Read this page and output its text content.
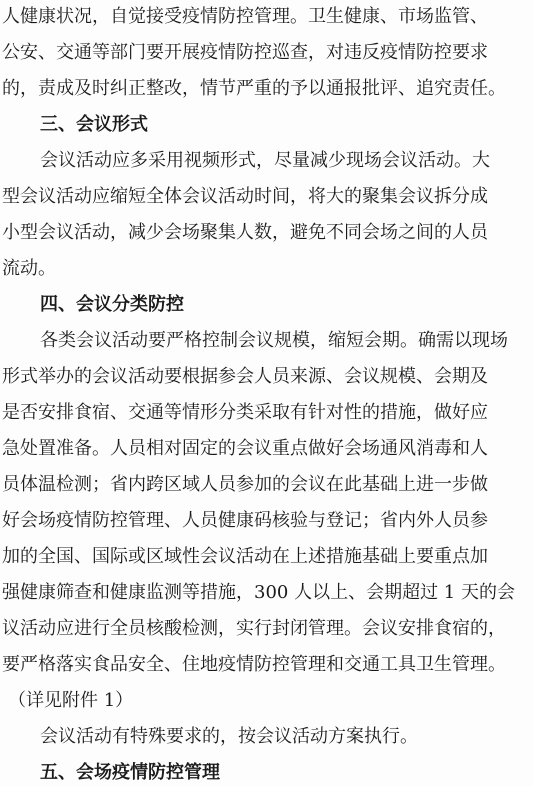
人健康状况，自觉接受疫情防控管理。卫生健康、市场监管、
公安、交通等部门要开展疫情防控巡查，对违反疫情防控要求
的，责成及时纠正整改，情节严重的予以通报批评、追究责任。
三、会议形式
会议活动应多采用视频形式，尽量减少现场会议活动。大
型会议活动应缩短全体会议活动时间，将大的聚集会议拆分成
小型会议活动，减少会场聚集人数，避免不同会场之间的人员
流动。
四、会议分类防控
各类会议活动要严格控制会议规模，缩短会期。确需以现场
形式举办的会议活动要根据参会人员来源、会议规模、会期及
是否安排食宿、交通等情形分类采取有针对性的措施，做好应
急处置准备。人员相对固定的会议重点做好会场通风消毒和人
员体温检测；省内跨区域人员参加的会议在此基础上进一步做
好会场疫情防控管理、人员健康码核验与登记；省内外人员参
加的全国、国际或区域性会议活动在上述措施基础上要重点加
强健康筛查和健康监测等措施，300 人以上、会期超过 1 天的会
议活动应进行全员核酸检测，实行封闭管理。会议安排食宿的，
要严格落实食品安全、住地疫情防控管理和交通工具卫生管理。
（详见附件 1）
会议活动有特殊要求的，按会议活动方案执行。
五、会场疫情防控管理
